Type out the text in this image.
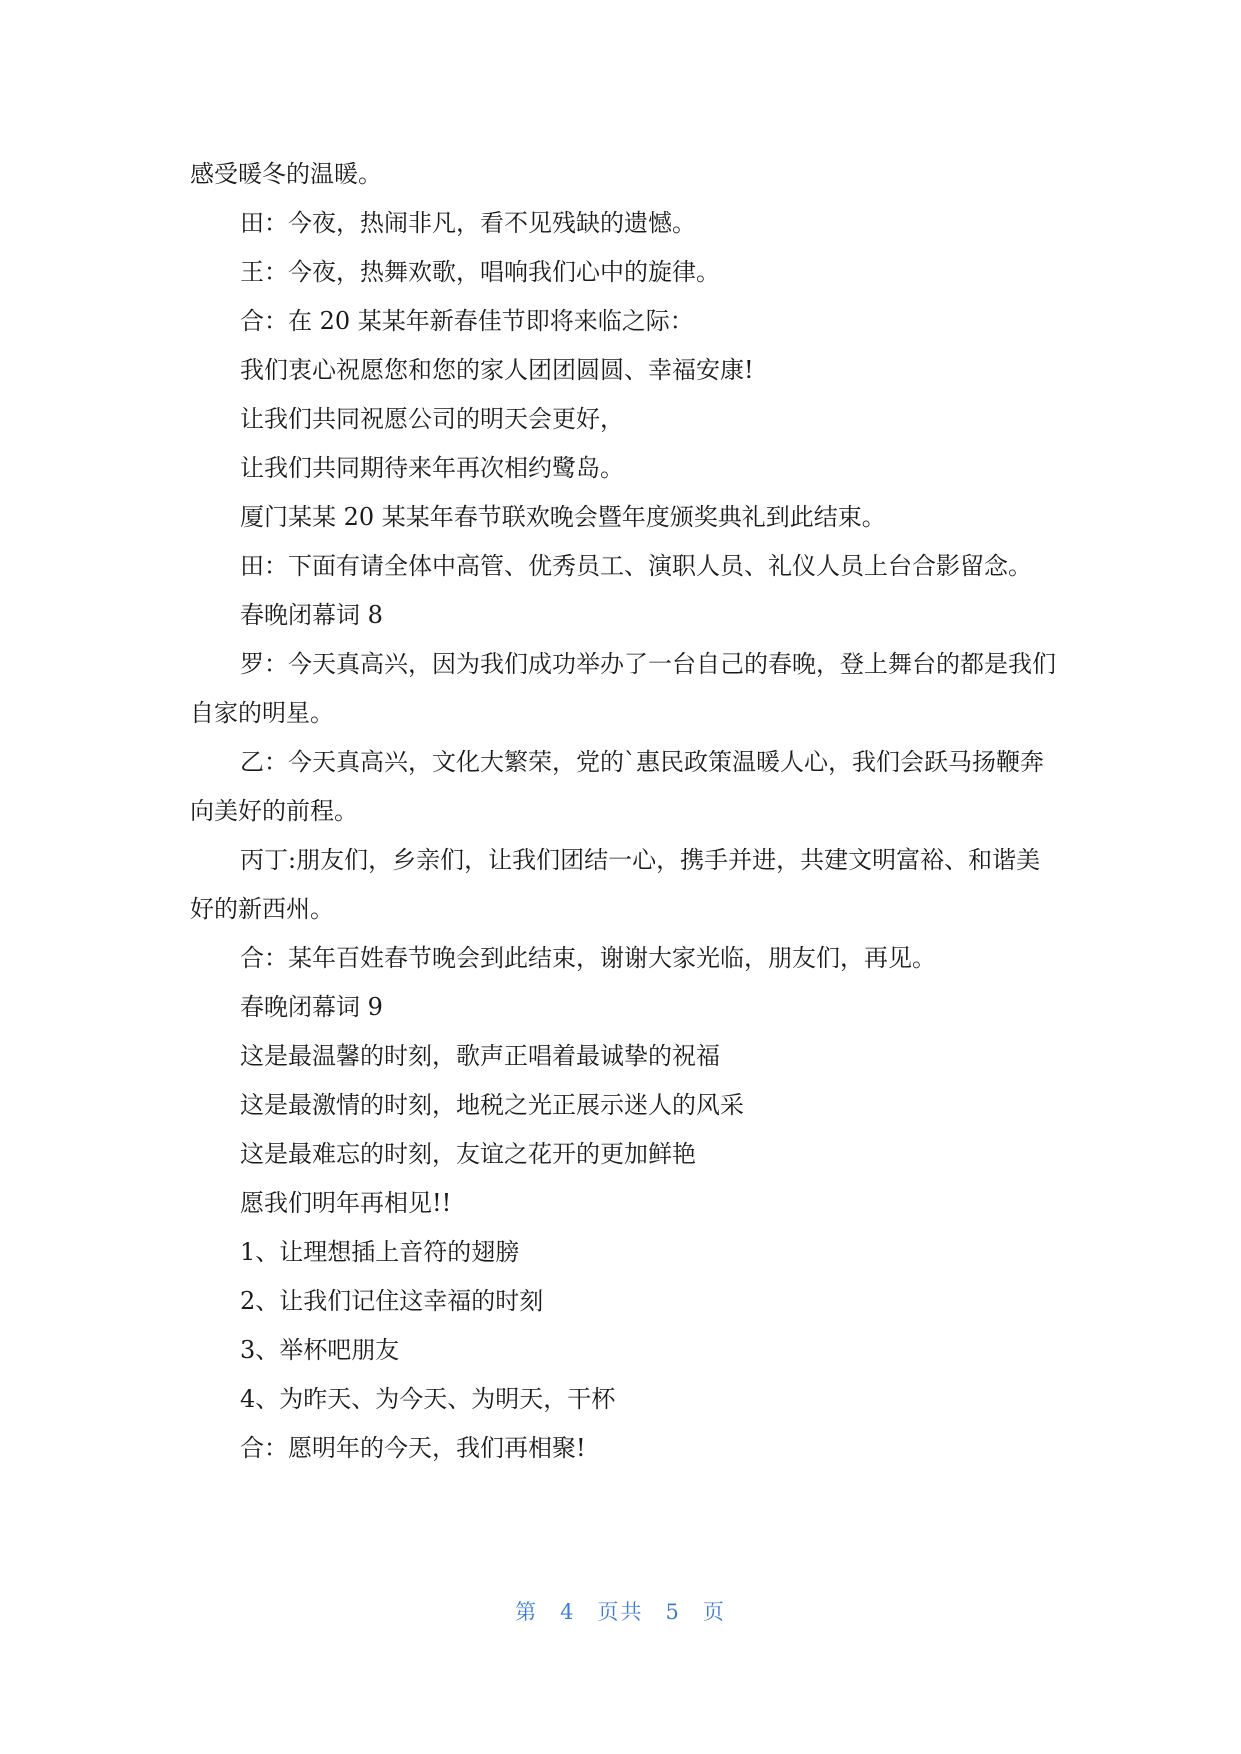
感受暖冬的温暖。

田：今夜，热闹非凡，看不见残缺的遗憾。

王：今夜，热舞欢歌，唱响我们心中的旋律。

合：在 20 某某年新春佳节即将来临之际：

我们衷心祝愿您和您的家人团团圆圆、幸福安康!

让我们共同祝愿公司的明天会更好，

让我们共同期待来年再次相约鹭岛。

厦门某某 20 某某年春节联欢晚会暨年度颁奖典礼到此结束。

田：下面有请全体中高管、优秀员工、演职人员、礼仪人员上台合影留念。

春晚闭幕词 8

罗：今天真高兴，因为我们成功举办了一台自己的春晚，登上舞台的都是我们自家的明星。

乙：今天真高兴，文化大繁荣，党的`惠民政策温暖人心，我们会跃马扬鞭奔向美好的前程。

丙丁:朋友们，乡亲们，让我们团结一心，携手并进，共建文明富裕、和谐美好的新西州。

合：某年百姓春节晚会到此结束，谢谢大家光临，朋友们，再见。

春晚闭幕词 9

这是最温馨的时刻，歌声正唱着最诚挚的祝福

这是最激情的时刻，地税之光正展示迷人的风采

这是最难忘的时刻，友谊之花开的更加鲜艳

愿我们明年再相见!!

1、让理想插上音符的翅膀

2、让我们记住这幸福的时刻

3、举杯吧朋友

4、为昨天、为今天、为明天，干杯

合：愿明年的今天，我们再相聚!

第 4 页共 5 页
